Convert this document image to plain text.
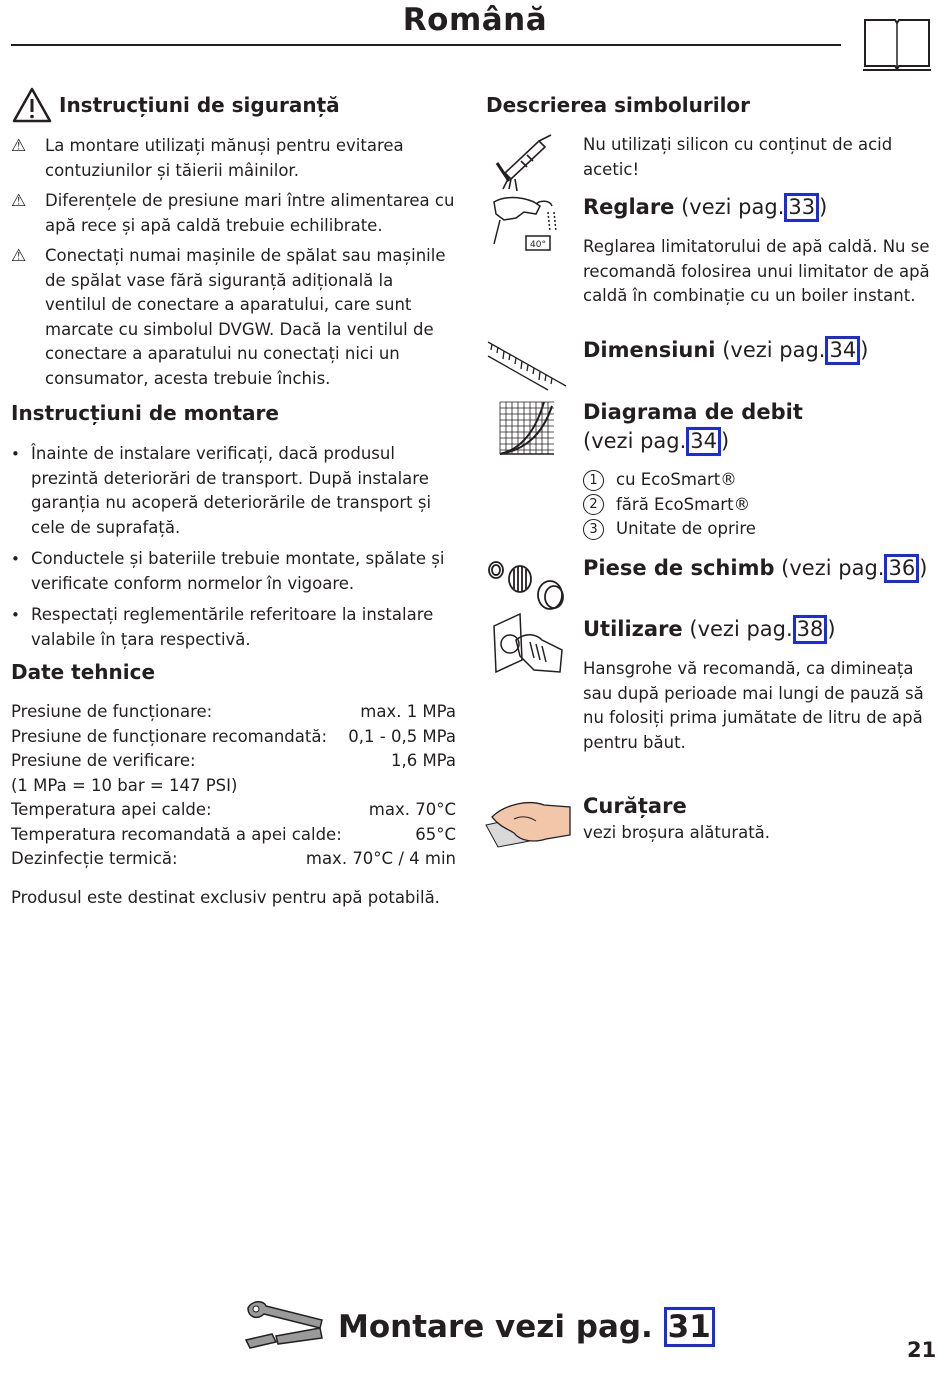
Română
Instrucțiuni de siguranță
⚠	La montare utilizați mănuși pentru evitarea contuziunilor și tăierii mâinilor.
⚠	Diferențele de presiune mari între alimentarea cu apă rece și apă caldă trebuie echilibrate.
⚠	Conectați numai mașinile de spălat sau mașinile de spălat vase fără siguranță adițională la ventilul de conectare a aparatului, care sunt marcate cu simbolul DVGW. Dacă la ventilul de conectare a aparatului nu conectați nici un consumator, acesta trebuie închis.
Instrucțiuni de montare
• Înainte de instalare verificați, dacă produsul prezintă deteriorări de transport. După instalare garanția nu acoperă deteriorările de transport și cele de suprafață.
• Conductele și bateriile trebuie montate, spălate și verificate conform normelor în vigoare.
• Respectați reglementările referitoare la instalare valabile în țara respectivă.
Date tehnice
Presiune de funcționare:	max. 1 MPa
Presiune de funcționare recomandată: 0,1 - 0,5 MPa
Presiune de verificare:	1,6 MPa
(1 MPa = 10 bar = 147 PSI)
Temperatura apei calde:	max. 70°C
Temperatura recomandată a apei calde:	65°C
Dezinfecție termică:	max. 70°C / 4 min
Produsul este destinat exclusiv pentru apă potabilă.
Descrierea simbolurilor
Nu utilizați silicon cu conținut de acid acetic!
40°
Reglare (vezi pag. 33 )
Reglarea limitatorului de apă caldă. Nu se recomandă folosirea unui limitator de apă caldă în combinație cu un boiler instant.
Dimensiuni (vezi pag. 34 )
Diagrama de debit
(vezi pag. 34 )
1	cu EcoSmart®
2	fără EcoSmart®
3	Unitate de oprire
Piese de schimb (vezi pag. 36 )
Utilizare (vezi pag. 38 )
Hansgrohe vă recomandă, ca dimineața sau după perioade mai lungi de pauză să nu folosiți prima jumătate de litru de apă pentru băut.
Curățare
vezi broșura alăturată.
Montare vezi pag. 31
21
